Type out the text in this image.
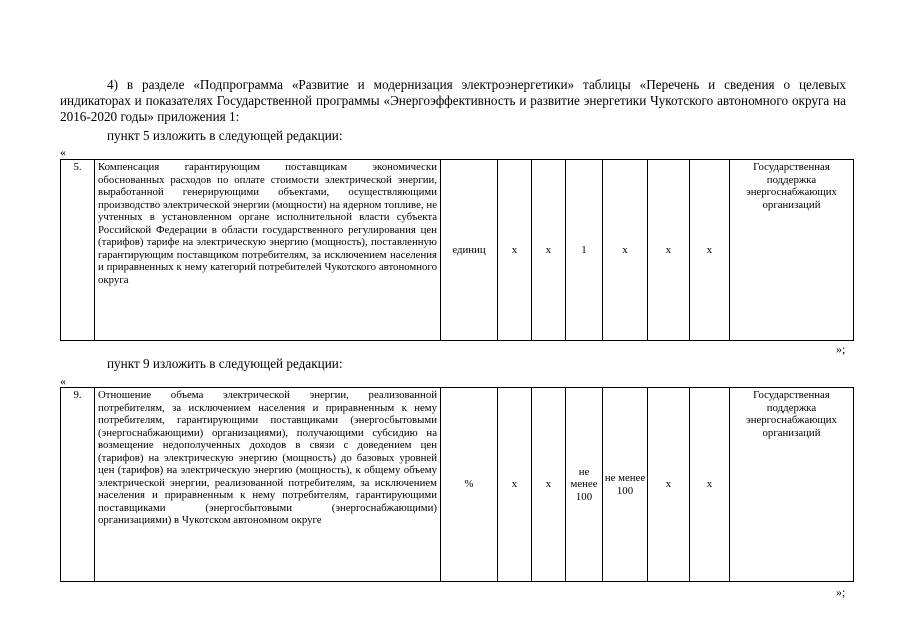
4) в разделе «Подпрограмма «Развитие и модернизация электроэнергетики» таблицы «Перечень и сведения о целевых индикаторах и показателях Государственной программы «Энергоэффективность и развитие энергетики Чукотского автономного округа на 2016-2020 годы» приложения 1:
пункт 5 изложить в следующей редакции:
«
5.	Компенсация гарантирующим поставщикам экономически обоснованных расходов по оплате стоимости электрической энергии, выработанной генерирующими объектами, осуществляющими производство электрической энергии (мощности) на ядерном топливе, не учтенных в установленном органе исполнительной власти субъекта Российской Федерации в области государственного регулирования цен (тарифов) тарифе на электрическую энергию (мощность), поставленную гарантирующим поставщиком потребителям, за исключением населения и приравненных к нему категорий потребителей Чукотского автономного округа	единиц	x	x	1	x	x	x	Государственная поддержка энергоснабжающих организаций
»;
пункт 9 изложить в следующей редакции:
«
9.	Отношение объема электрической энергии, реализованной потребителям, за исключением населения и приравненным к нему потребителям, гарантирующими поставщиками (энергосбытовыми (энергоснабжающими) организациями), получающими субсидию на возмещение недополученных доходов в связи с доведением цен (тарифов) на электрическую энергию (мощность) до базовых уровней цен (тарифов) на электрическую энергию (мощность), к общему объему электрической энергии, реализованной потребителям, за исключением населения и приравненным к нему потребителям, гарантирующими поставщиками (энергосбытовыми (энергоснабжающими) организациями) в Чукотском автономном округе	%	x	x	не менее 100	не менее 100	x	x	Государственная поддержка энергоснабжающих организаций
»;
